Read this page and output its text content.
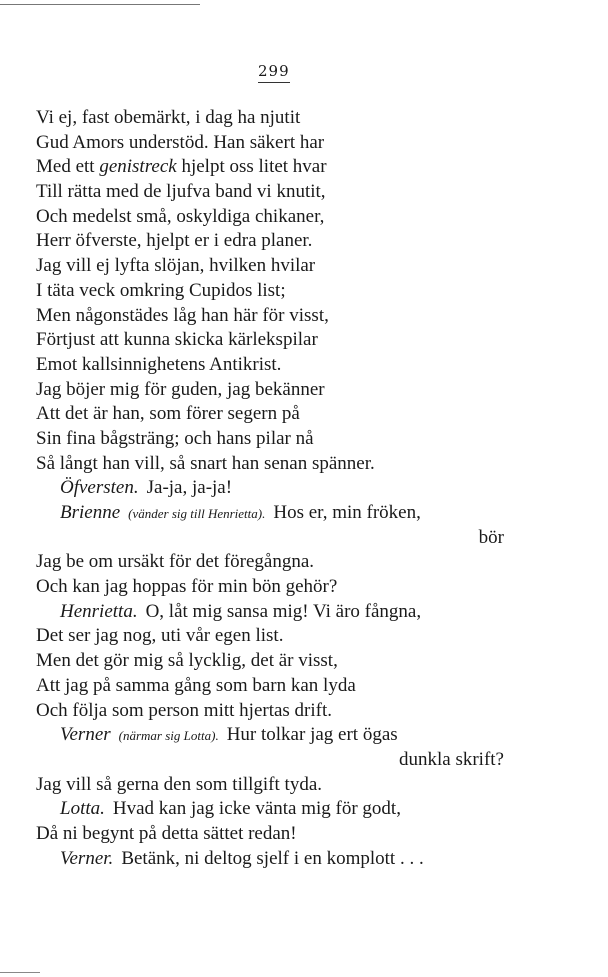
299
Vi ej, fast obemärkt, i dag ha njutit
Gud Amors understöd. Han säkert har
Med ett genistreck hjelpt oss litet hvar
Till rätta med de ljufva band vi knutit,
Och medelst små, oskyldiga chikaner,
Herr öfverste, hjelpt er i edra planer.
Jag vill ej lyfta slöjan, hvilken hvilar
I täta veck omkring Cupidos list;
Men någonstädes låg han här för visst,
Förtjust att kunna skicka kärlekspilar
Emot kallsinnighetens Antikrist.
Jag böjer mig för guden, jag bekänner
Att det är han, som förer segern på
Sin fina bågsträng; och hans pilar nå
Så långt han vill, så snart han senan spänner.
Öfversten. Ja-ja, ja-ja!
Brienne (vänder sig till Henrietta). Hos er, min fröken,
bör
Jag be om ursäkt för det föregångna.
Och kan jag hoppas för min bön gehör?
Henrietta. O, låt mig sansa mig! Vi äro fångna,
Det ser jag nog, uti vår egen list.
Men det gör mig så lycklig, det är visst,
Att jag på samma gång som barn kan lyda
Och följa som person mitt hjertas drift.
Verner (närmar sig Lotta). Hur tolkar jag ert ögas
dunkla skrift?
Jag vill så gerna den som tillgift tyda.
Lotta. Hvad kan jag icke vänta mig för godt,
Då ni begynt på detta sättet redan!
Verner. Betänk, ni deltog sjelf i en komplott . . .
